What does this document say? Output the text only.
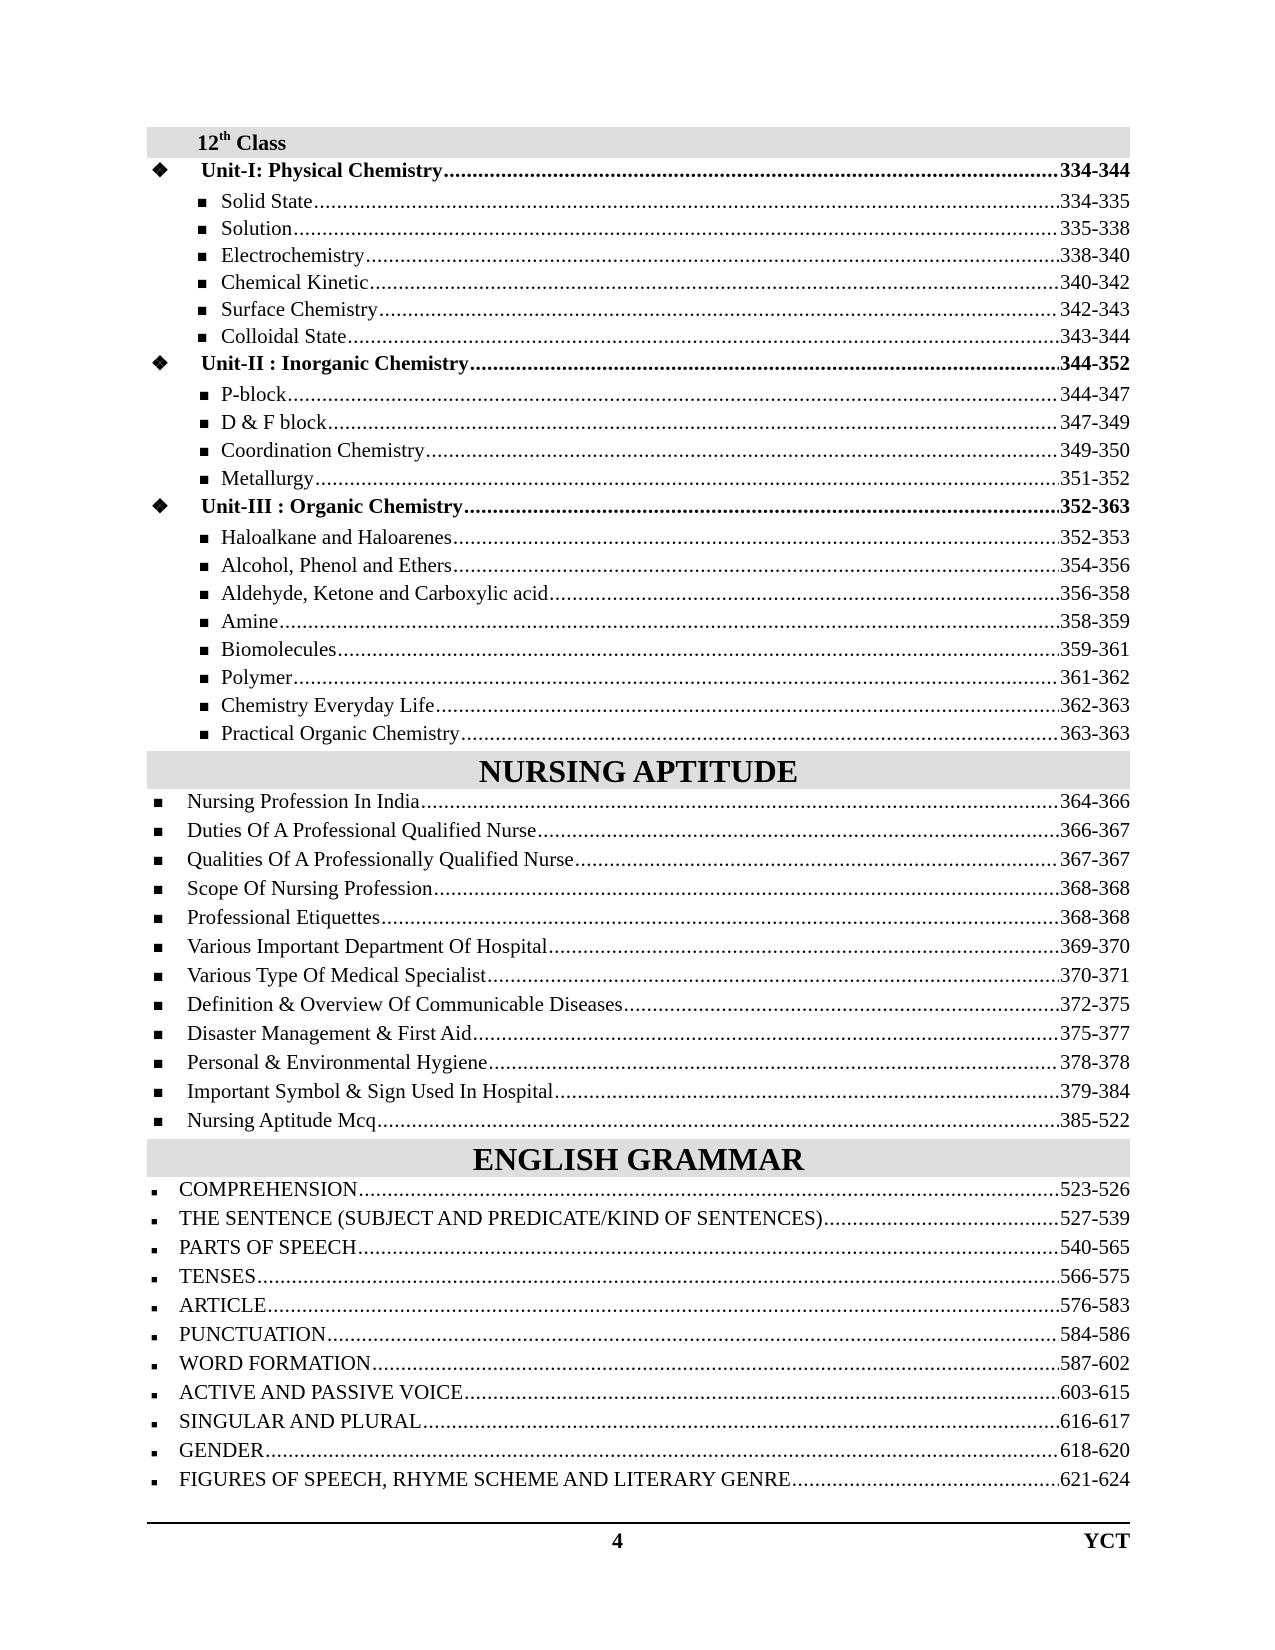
12th Class
❖	Unit-I: Physical Chemistry .....	334-344
■ Solid State .....	334-335
■ Solution .....	335-338
■ Electrochemistry .....	338-340
■ Chemical Kinetic .....	340-342
■ Surface Chemistry .....	342-343
■ Colloidal State .....	343-344
❖	Unit-II : Inorganic Chemistry .....	344-352
■ P-block .....	344-347
■ D & F block .....	347-349
■ Coordination Chemistry .....	349-350
■ Metallurgy .....	351-352
❖	Unit-III : Organic Chemistry .....	352-363
■ Haloalkane and Haloarenes .....	352-353
■ Alcohol, Phenol and Ethers .....	354-356
■ Aldehyde, Ketone and Carboxylic acid .....	356-358
■ Amine .....	358-359
■ Biomolecules .....	359-361
■ Polymer .....	361-362
■ Chemistry Everyday Life .....	362-363
■ Practical Organic Chemistry .....	363-363
NURSING APTITUDE
■	Nursing Profession In India .....	364-366
■	Duties Of A Professional Qualified Nurse .....	366-367
■	Qualities Of A Professionally Qualified Nurse .....	367-367
■	Scope Of Nursing Profession .....	368-368
■	Professional Etiquettes .....	368-368
■	Various Important Department Of Hospital .....	369-370
■	Various Type Of Medical Specialist .....	370-371
■	Definition & Overview Of Communicable Diseases .....	372-375
■	Disaster Management & First Aid .....	375-377
■	Personal & Environmental Hygiene .....	378-378
■	Important Symbol & Sign Used In Hospital .....	379-384
■	Nursing Aptitude Mcq .....	385-522
ENGLISH GRAMMAR
■	COMPREHENSION .....	523-526
■	THE SENTENCE (SUBJECT AND PREDICATE/KIND OF SENTENCES) .....	527-539
■	PARTS OF SPEECH .....	540-565
■	TENSES .....	566-575
■	ARTICLE .....	576-583
■	PUNCTUATION .....	584-586
■	WORD FORMATION .....	587-602
■	ACTIVE AND PASSIVE VOICE .....	603-615
■	SINGULAR AND PLURAL .....	616-617
■	GENDER .....	618-620
■	FIGURES OF SPEECH, RHYME SCHEME AND LITERARY GENRE .....	621-624
4	YCT
